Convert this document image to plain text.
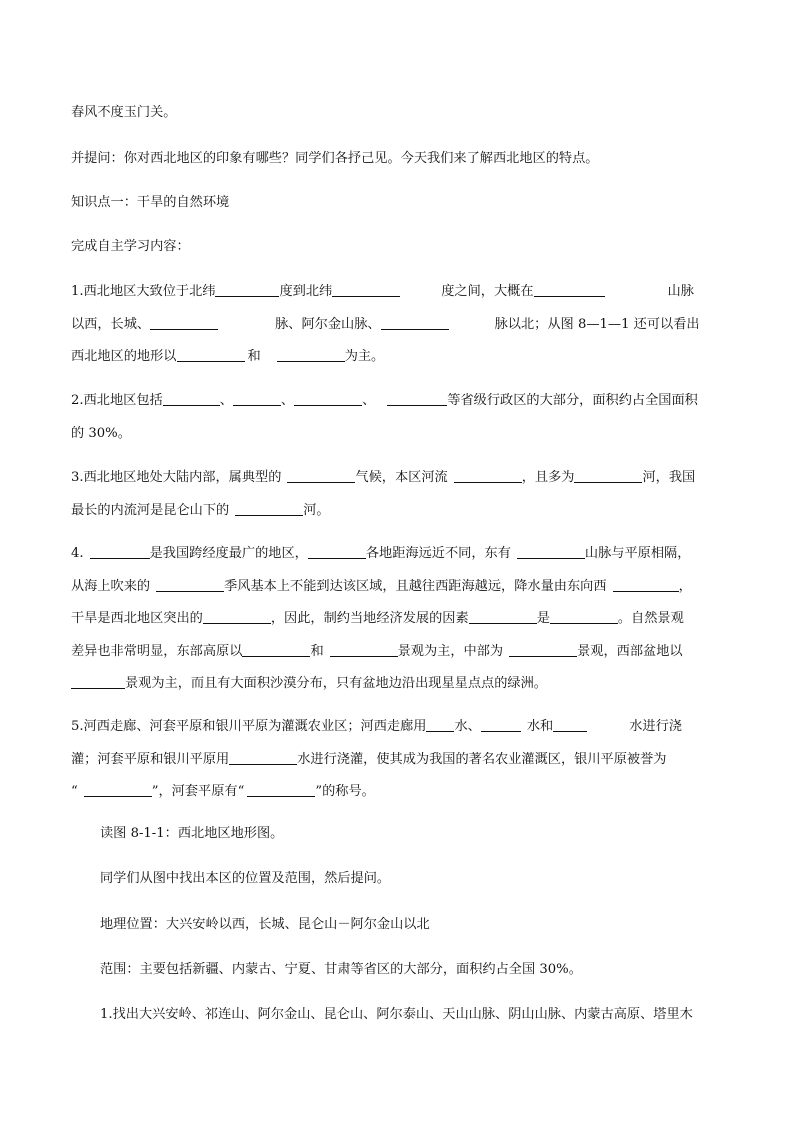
春风不度玉门关。

并提问：你对西北地区的印象有哪些？同学们各抒己见。今天我们来了解西北地区的特点。

知识点一：干旱的自然环境

完成自主学习内容：

1.西北地区大致位于北纬	度到北纬	度之间，大概在	山脉
以西，长城、	脉、阿尔金山脉、	脉以北；从图 8—1—1 还可以看出
西北地区的地形以	和	为主。
2.西北地区包括	、	、	、	等省级行政区的大部分，面积约占全国面积
的 30%。
3.西北地区地处大陆内部，属典型的	气候，本区河流	，且多为	河，我国
最长的内流河是昆仑山下的	河。
4.	是我国跨经度最广的地区，	各地距海远近不同，东有	山脉与平原相隔，
从海上吹来的	季风基本上不能到达该区域，且越往西距海越远，降水量由东向西	，
干旱是西北地区突出的	，因此，制约当地经济发展的因素	是	。自然景观
差异也非常明显，东部高原以	和	景观为主，中部为	景观，西部盆地以
景观为主，而且有大面积沙漠分布，只有盆地边沿出现星星点点的绿洲。
5.河西走廊、河套平原和银川平原为灌溉农业区；河西走廊用 水、	水和	水进行浇
灌；河套平原和银川平原用	水进行浇灌，使其成为我国的著名农业灌溉区，银川平原被誉为
“	”，河套平原有“	”的称号。

读图 8-1-1：西北地区地形图。

同学们从图中找出本区的位置及范围，然后提问。

地理位置：大兴安岭以西，长城、昆仑山－阿尔金山以北

范围：主要包括新疆、内蒙古、宁夏、甘肃等省区的大部分，面积约占全国 30%。

1.找出大兴安岭、祁连山、阿尔金山、昆仑山、阿尔泰山、天山山脉、阴山山脉、内蒙古高原、塔里木
